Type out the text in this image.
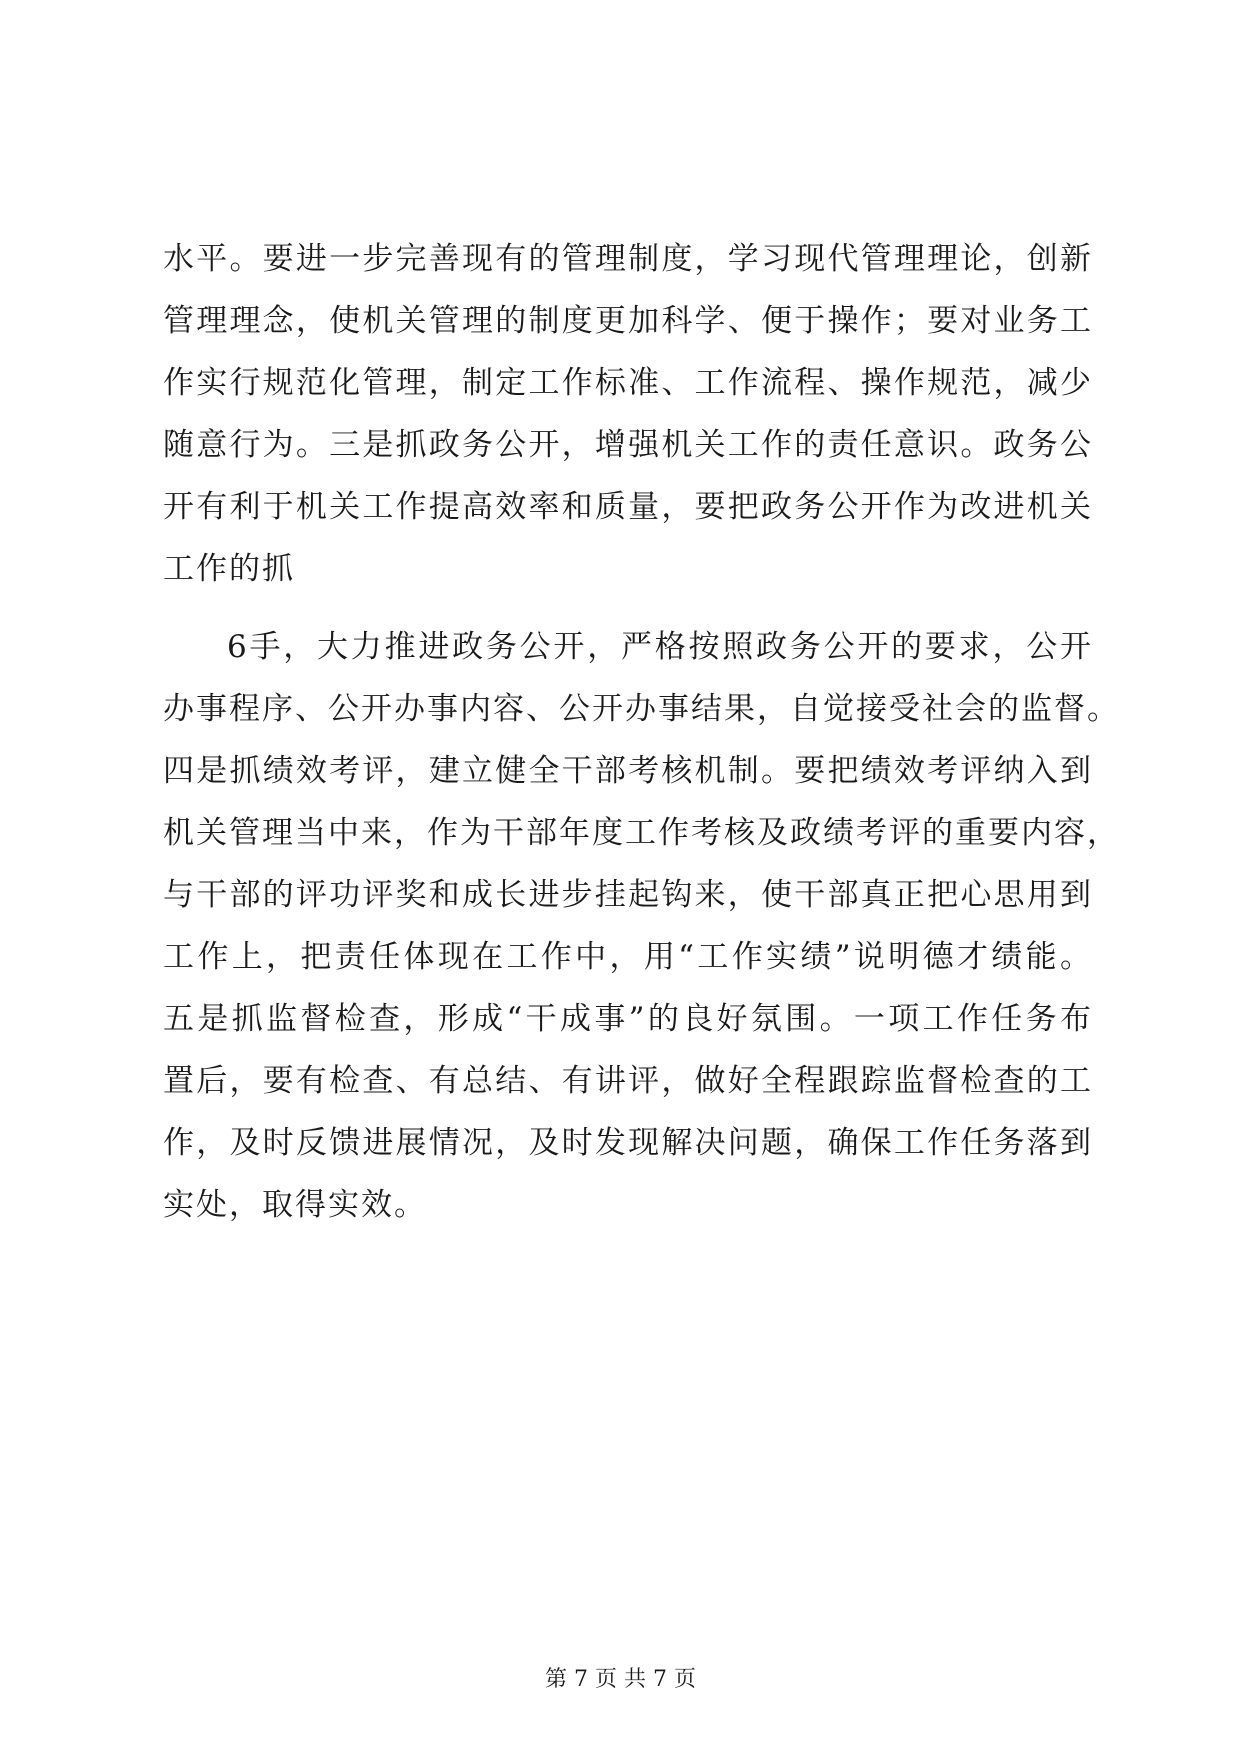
水平。要进一步完善现有的管理制度，学习现代管理理论，创新
管理理念，使机关管理的制度更加科学、便于操作；要对业务工
作实行规范化管理，制定工作标准、工作流程、操作规范，减少
随意行为。三是抓政务公开，增强机关工作的责任意识。政务公
开有利于机关工作提高效率和质量，要把政务公开作为改进机关
工作的抓
6手，大力推进政务公开，严格按照政务公开的要求，公开
办事程序、公开办事内容、公开办事结果，自觉接受社会的监督。
四是抓绩效考评，建立健全干部考核机制。要把绩效考评纳入到
机关管理当中来，作为干部年度工作考核及政绩考评的重要内容，
与干部的评功评奖和成长进步挂起钩来，使干部真正把心思用到
工作上，把责任体现在工作中，用“工作实绩”说明德才绩能。
五是抓监督检查，形成“干成事”的良好氛围。一项工作任务布
置后，要有检查、有总结、有讲评，做好全程跟踪监督检查的工
作，及时反馈进展情况，及时发现解决问题，确保工作任务落到
实处，取得实效。
第 7 页 共 7 页
